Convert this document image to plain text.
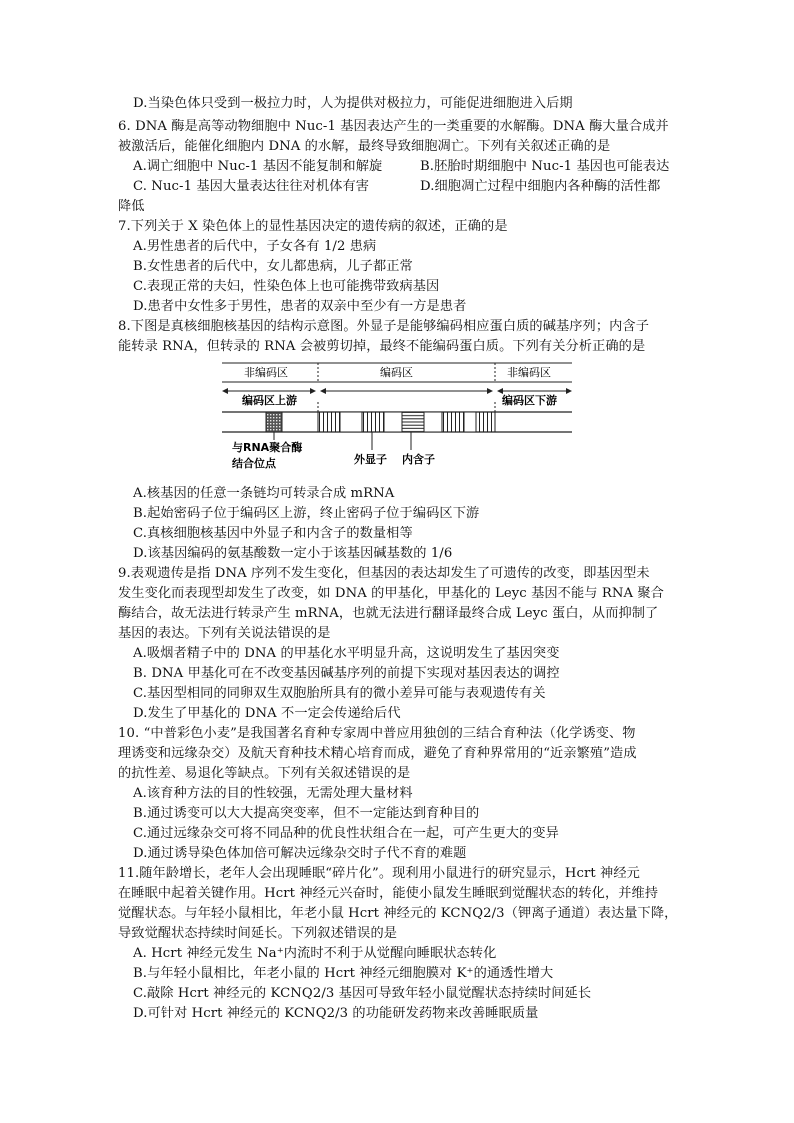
D.当染色体只受到一极拉力时，人为提供对极拉力，可能促进细胞进入后期
6. DNA 酶是高等动物细胞中 Nuc-1 基因表达产生的一类重要的水解酶。DNA 酶大量合成并
被激活后，能催化细胞内 DNA 的水解，最终导致细胞凋亡。下列有关叙述正确的是
A.调亡细胞中 Nuc-1 基因不能复制和解旋	B.胚胎时期细胞中 Nuc-1 基因也可能表达
C. Nuc-1 基因大量表达往往对机体有害	D.细胞凋亡过程中细胞内各种酶的活性都
降低
7.下列关于 X 染色体上的显性基因决定的遗传病的叙述，正确的是
A.男性患者的后代中，子女各有 1/2 患病
B.女性患者的后代中，女儿都患病，儿子都正常
C.表现正常的夫妇，性染色体上也可能携带致病基因
D.患者中女性多于男性，患者的双亲中至少有一方是患者
8.下图是真核细胞核基因的结构示意图。外显子是能够编码相应蛋白质的碱基序列；内含子
能转录 RNA，但转录的 RNA 会被剪切掉，最终不能编码蛋白质。下列有关分析正确的是
非编码区	编码区	非编码区
编码区上游	编码区下游
与RNA聚合酶
结合位点	外显子 内含子
A.核基因的任意一条链均可转录合成 mRNA
B.起始密码子位于编码区上游，终止密码子位于编码区下游
C.真核细胞核基因中外显子和内含子的数量相等
D.该基因编码的氨基酸数一定小于该基因碱基数的 1/6
9.表观遗传是指 DNA 序列不发生变化，但基因的表达却发生了可遗传的改变，即基因型未
发生变化而表现型却发生了改变，如 DNA 的甲基化，甲基化的 Leyc 基因不能与 RNA 聚合
酶结合，故无法进行转录产生 mRNA，也就无法进行翻译最终合成 Leyc 蛋白，从而抑制了
基因的表达。下列有关说法错误的是
A.吸烟者精子中的 DNA 的甲基化水平明显升高，这说明发生了基因突变
B. DNA 甲基化可在不改变基因碱基序列的前提下实现对基因表达的调控
C.基因型相同的同卵双生双胞胎所具有的微小差异可能与表观遗传有关
D.发生了甲基化的 DNA 不一定会传递给后代
10. “中普彩色小麦”是我国著名育种专家周中普应用独创的三结合育种法（化学诱变、物
理诱变和远缘杂交）及航天育种技术精心培育而成，避免了育种界常用的“近亲繁殖”造成
的抗性差、易退化等缺点。下列有关叙述错误的是
A.该育种方法的目的性较强，无需处理大量材料
B.通过诱变可以大大提高突变率，但不一定能达到育种目的
C.通过远缘杂交可将不同品种的优良性状组合在一起，可产生更大的变异
D.通过诱导染色体加倍可解决远缘杂交时子代不育的难题
11.随年龄增长，老年人会出现睡眠“碎片化”。现利用小鼠进行的研究显示，Hcrt 神经元
在睡眠中起着关键作用。Hcrt 神经元兴奋时，能使小鼠发生睡眠到觉醒状态的转化，并维持
觉醒状态。与年轻小鼠相比，年老小鼠 Hcrt 神经元的 KCNQ2/3（钾离子通道）表达量下降，
导致觉醒状态持续时间延长。下列叙述错误的是
A. Hcrt 神经元发生 Na⁺内流时不利于从觉醒向睡眠状态转化
B.与年轻小鼠相比，年老小鼠的 Hcrt 神经元细胞膜对 K⁺的通透性增大
C.敲除 Hcrt 神经元的 KCNQ2/3 基因可导致年轻小鼠觉醒状态持续时间延长
D.可针对 Hcrt 神经元的 KCNQ2/3 的功能研发药物来改善睡眠质量
